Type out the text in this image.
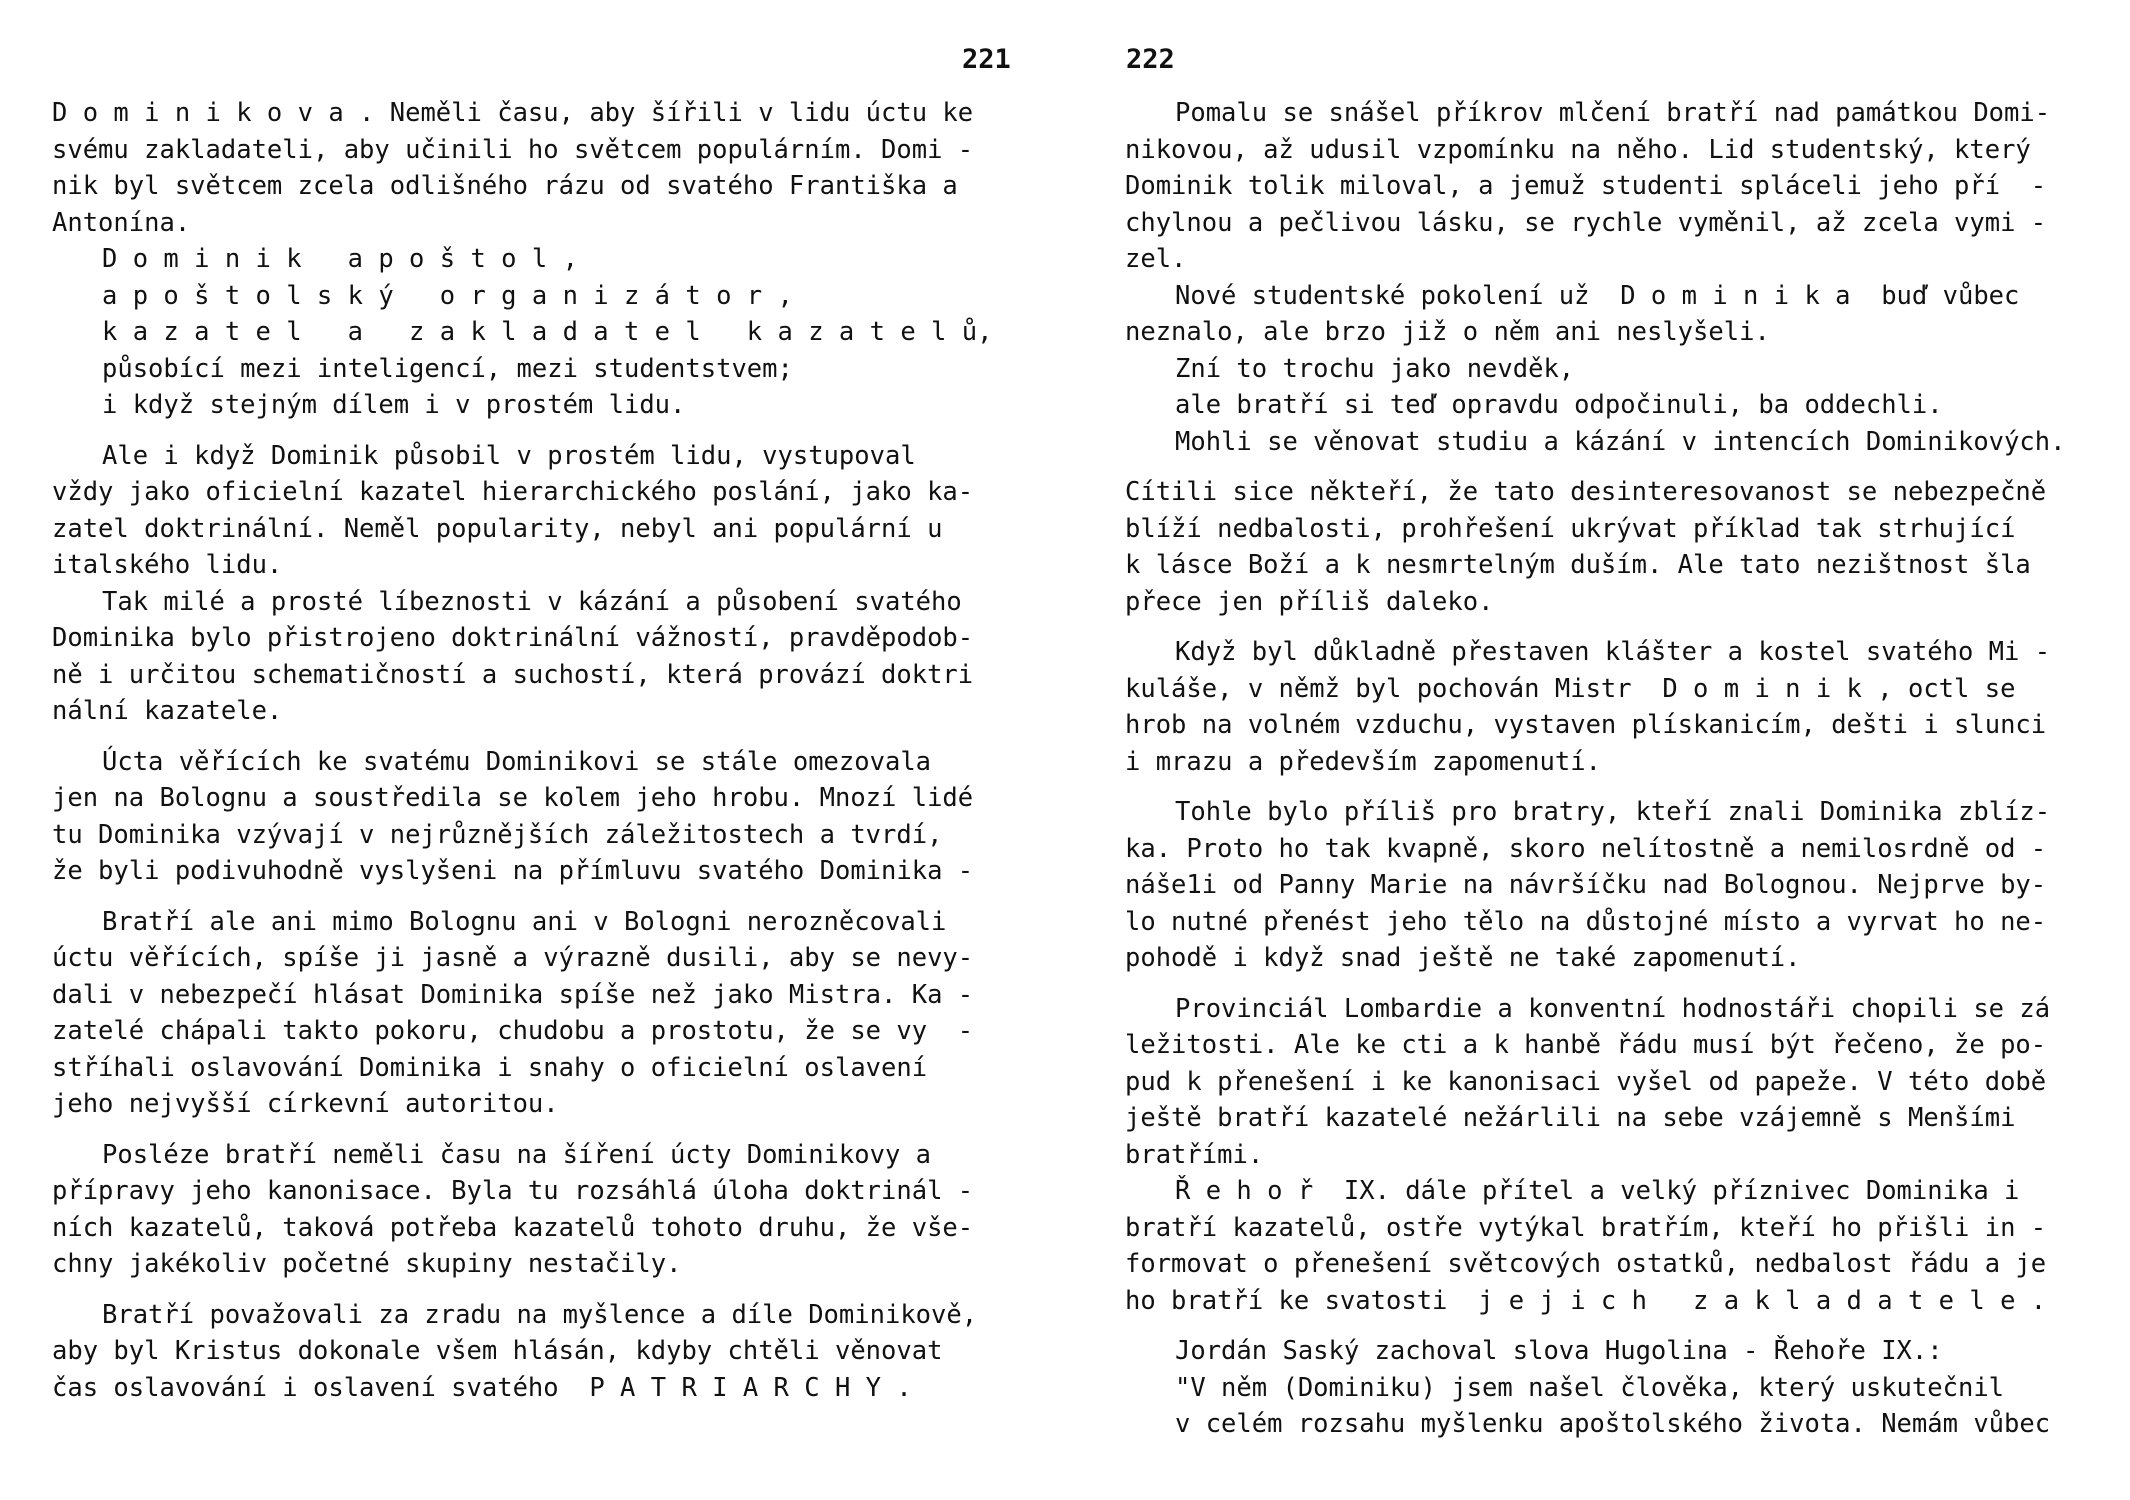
221
D o m i n i k o v a . Neměli času, aby šířili v lidu úctu ke
svému zakladateli, aby učinili ho světcem populárním. Domi -
nik byl světcem zcela odlišného rázu od svatého Františka a
Antonína.
D o m i n i k   a p o š t o l ,
a p o š t o l s k ý   o r g a n i z á t o r ,
k a z a t e l   a   z a k l a d a t e l   k a z a t e l ů,
působící mezi inteligencí, mezi studentstvem;
i když stejným dílem i v prostém lidu.
Ale i když Dominik působil v prostém lidu, vystupoval
vždy jako oficielní kazatel hierarchického poslání, jako ka-
zatel doktrinální. Neměl popularity, nebyl ani populární u
italského lidu.
Tak milé a prosté líbeznosti v kázání a působení svatého
Dominika bylo přistrojeno doktrinální vážností, pravděpodob-
ně i určitou schematičností a suchostí, která provází doktri
nální kazatele.
Úcta věřících ke svatému Dominikovi se stále omezovala
jen na Bolognu a soustředila se kolem jeho hrobu. Mnozí lidé
tu Dominika vzývají v nejrůznějších záležitostech a tvrdí,
že byli podivuhodně vyslyšeni na přímluvu svatého Dominika -
Bratří ale ani mimo Bolognu ani v Bologni nerozněcovali
úctu věřících, spíše ji jasně a výrazně dusili, aby se nevy-
dali v nebezpečí hlásat Dominika spíše než jako Mistra. Ka -
zatelé chápali takto pokoru, chudobu a prostotu, že se vy  -
stříhali oslavování Dominika i snahy o oficielní oslavení
jeho nejvyšší církevní autoritou.
Posléze bratří neměli času na šíření úcty Dominikovy a
přípravy jeho kanonisace. Byla tu rozsáhlá úloha doktrinál -
ních kazatelů, taková potřeba kazatelů tohoto druhu, že vše-
chny jakékoliv početné skupiny nestačily.
Bratří považovali za zradu na myšlence a díle Dominikově,
aby byl Kristus dokonale všem hlásán, kdyby chtěli věnovat
čas oslavování i oslavení svatého  P A T R I A R C H Y .
222
Pomalu se snášel příkrov mlčení bratří nad památkou Domi-
nikovou, až udusil vzpomínku na něho. Lid studentský, který
Dominik tolik miloval, a jemuž studenti spláceli jeho pří  -
chylnou a pečlivou lásku, se rychle vyměnil, až zcela vymi -
zel.
Nové studentské pokolení už  D o m i n i k a  buď vůbec
neznalo, ale brzo již o něm ani neslyšeli.
Zní to trochu jako nevděk,
ale bratří si teď opravdu odpočinuli, ba oddechli.
Mohli se věnovat studiu a kázání v intencích Dominikových.
Cítili sice někteří, že tato desinteresovanost se nebezpečně
blíží nedbalosti, prohřešení ukrývat příklad tak strhující
k lásce Boží a k nesmrtelným duším. Ale tato nezištnost šla
přece jen příliš daleko.
Když byl důkladně přestaven klášter a kostel svatého Mi -
kuláše, v němž byl pochován Mistr  D o m i n i k , octl se
hrob na volném vzduchu, vystaven plískanicím, dešti i slunci
i mrazu a především zapomenutí.
Tohle bylo příliš pro bratry, kteří znali Dominika zblíz-
ka. Proto ho tak kvapně, skoro nelítostně a nemilosrdně od -
náše1i od Panny Marie na návršíčku nad Bolognou. Nejprve by-
lo nutné přenést jeho tělo na důstojné místo a vyrvat ho ne-
pohodě i když snad ještě ne také zapomenutí.
Provinciál Lombardie a konventní hodnostáři chopili se zá
ležitosti. Ale ke cti a k hanbě řádu musí být řečeno, že po-
pud k přenešení i ke kanonisaci vyšel od papeže. V této době
ještě bratří kazatelé nežárlili na sebe vzájemně s Menšími
bratřími.
Ř e h o ř  IX. dále přítel a velký příznivec Dominika i
bratří kazatelů, ostře vytýkal bratřím, kteří ho přišli in -
formovat o přenešení světcových ostatků, nedbalost řádu a je
ho bratří ke svatosti  j e j i c h   z a k l a d a t e l e .
Jordán Saský zachoval slova Hugolina - Řehoře IX.:
"V něm (Dominiku) jsem našel člověka, který uskutečnil
v celém rozsahu myšlenku apoštolského života. Nemám vůbec
